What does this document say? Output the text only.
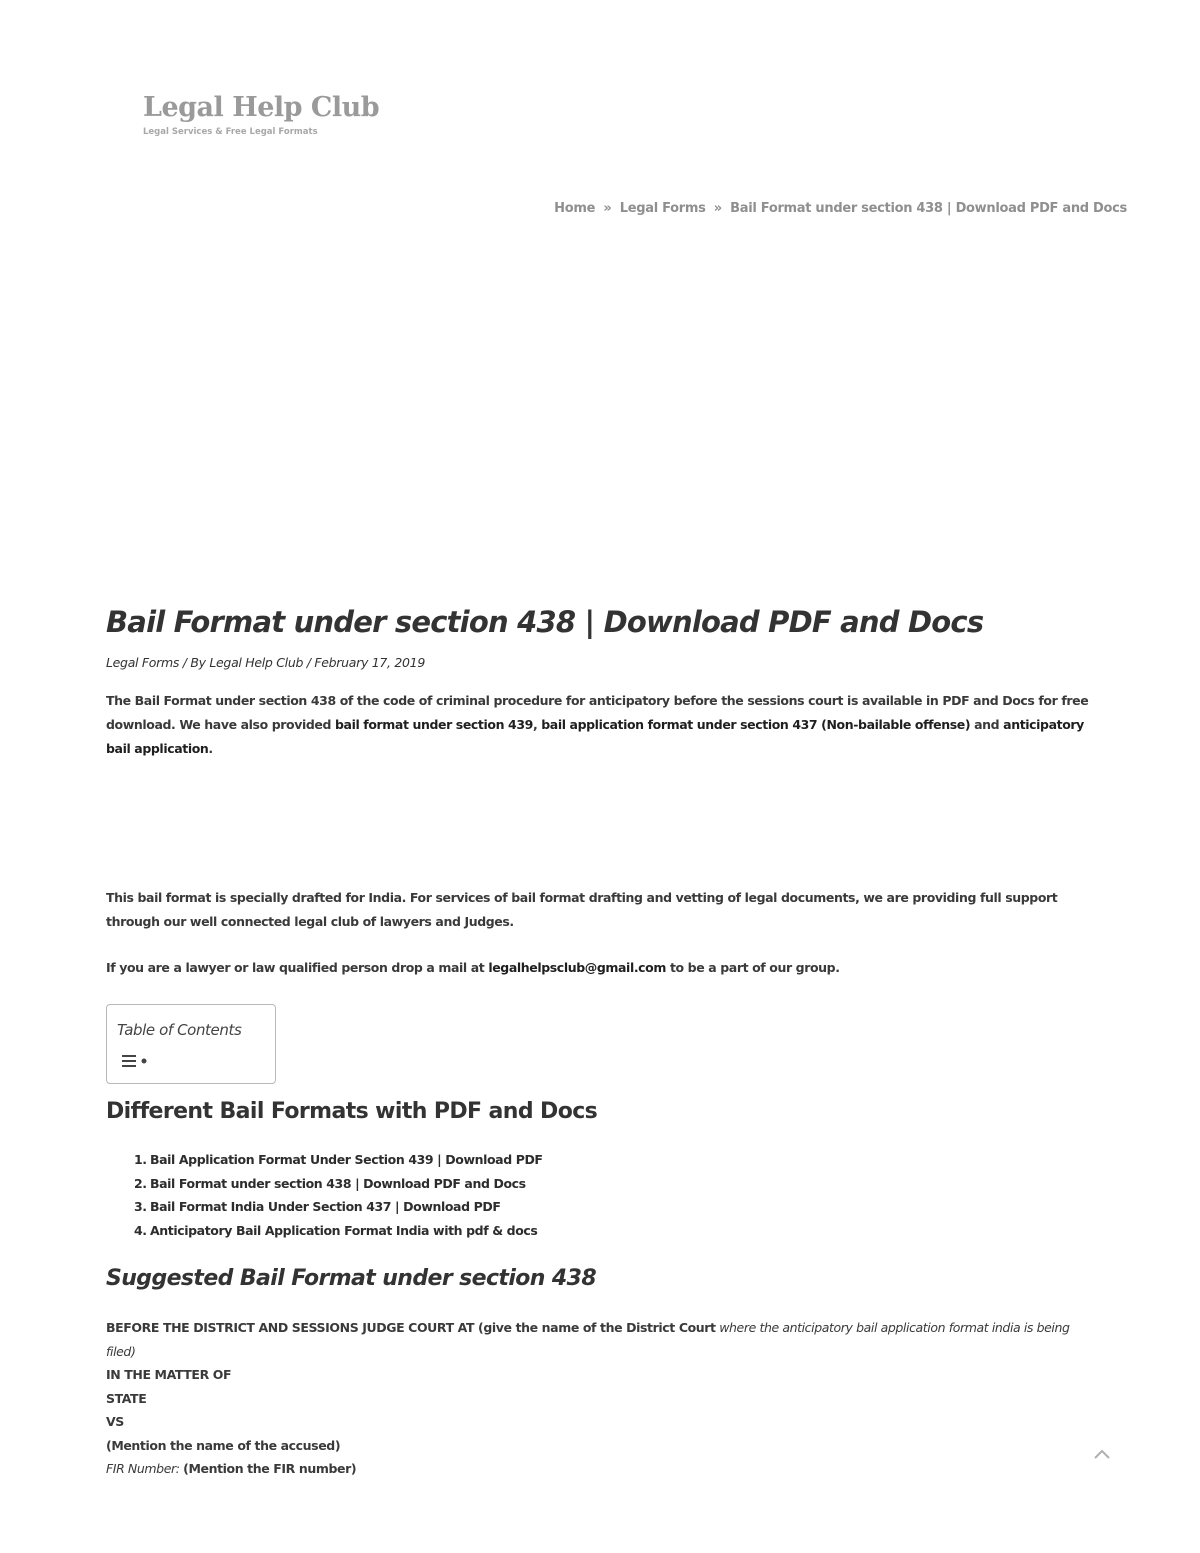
Legal Help Club
Legal Services & Free Legal Formats
Home » Legal Forms » Bail Format under section 438 | Download PDF and Docs
Bail Format under section 438 | Download PDF and Docs
Legal Forms / By Legal Help Club / February 17, 2019

The Bail Format under section 438 of the code of criminal procedure for anticipatory before the sessions court is available in PDF and Docs for free download. We have also provided bail format under section 439, bail application format under section 437 (Non-bailable offense) and anticipatory bail application.

This bail format is specially drafted for India. For services of bail format drafting and vetting of legal documents, we are providing full support through our well connected legal club of lawyers and Judges.

If you are a lawyer or law qualified person drop a mail at legalhelpsclub@gmail.com to be a part of our group.

Table of Contents
Different Bail Formats with PDF and Docs
1. Bail Application Format Under Section 439 | Download PDF
2. Bail Format under section 438 | Download PDF and Docs
3. Bail Format India Under Section 437 | Download PDF
4. Anticipatory Bail Application Format India with pdf & docs
Suggested Bail Format under section 438
BEFORE THE DISTRICT AND SESSIONS JUDGE COURT AT (give the name of the District Court where the anticipatory bail application format india is being filed)
IN THE MATTER OF
STATE
VS
(Mention the name of the accused)
FIR Number: (Mention the FIR number)
